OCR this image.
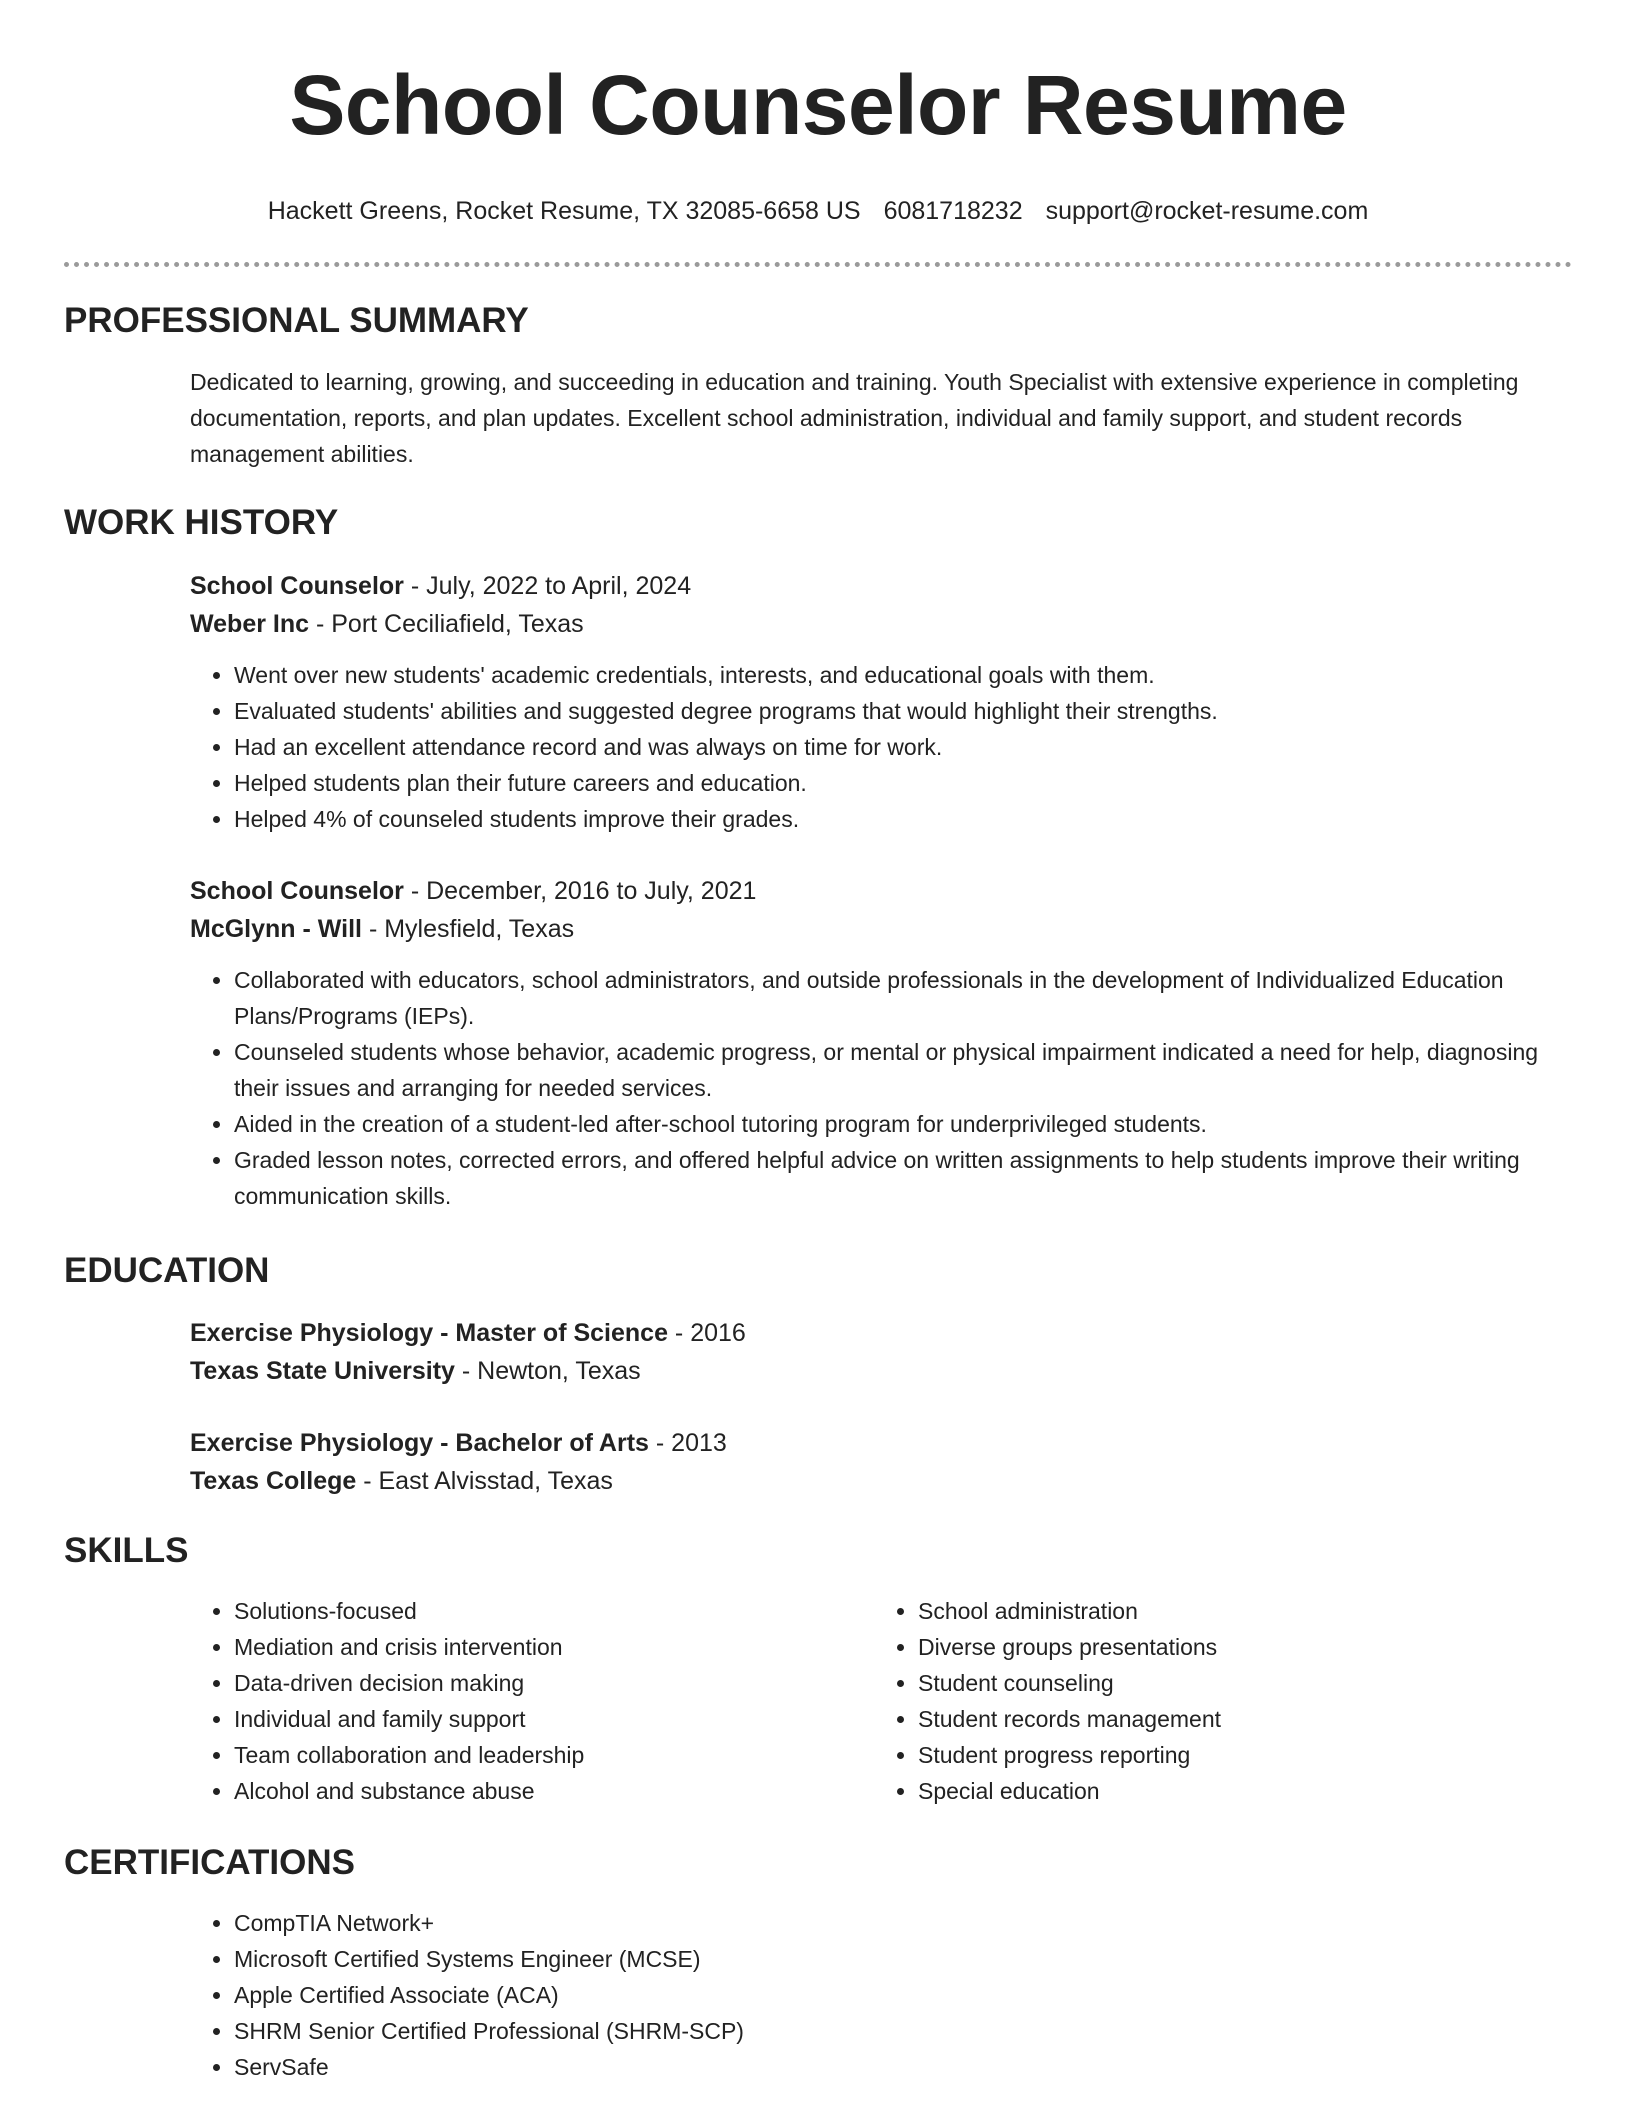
School Counselor Resume
Hackett Greens, Rocket Resume, TX 32085-6658 US 6081718232 support@rocket-resume.com
PROFESSIONAL SUMMARY

Dedicated to learning, growing, and succeeding in education and training. Youth Specialist with extensive experience in completing documentation, reports, and plan updates. Excellent school administration, individual and family support, and student records management abilities.

WORK HISTORY
School Counselor - July, 2022 to April, 2024
Weber Inc - Port Ceciliafield, Texas
• Went over new students' academic credentials, interests, and educational goals with them.
• Evaluated students' abilities and suggested degree programs that would highlight their strengths.
• Had an excellent attendance record and was always on time for work.
• Helped students plan their future careers and education.
• Helped 4% of counseled students improve their grades.
School Counselor - December, 2016 to July, 2021
McGlynn - Will - Mylesfield, Texas
• Collaborated with educators, school administrators, and outside professionals in the development of Individualized Education Plans/Programs (IEPs).
• Counseled students whose behavior, academic progress, or mental or physical impairment indicated a need for help, diagnosing their issues and arranging for needed services.
• Aided in the creation of a student-led after-school tutoring program for underprivileged students.
• Graded lesson notes, corrected errors, and offered helpful advice on written assignments to help students improve their writing communication skills.
EDUCATION
Exercise Physiology - Master of Science - 2016
Texas State University - Newton, Texas
Exercise Physiology - Bachelor of Arts - 2013
Texas College - East Alvisstad, Texas
SKILLS
• Solutions-focused
• Mediation and crisis intervention
• Data-driven decision making
• Individual and family support
• Team collaboration and leadership
• Alcohol and substance abuse
• School administration
• Diverse groups presentations
• Student counseling
• Student records management
• Student progress reporting
• Special education
CERTIFICATIONS
• CompTIA Network+
• Microsoft Certified Systems Engineer (MCSE)
• Apple Certified Associate (ACA)
• SHRM Senior Certified Professional (SHRM-SCP)
• ServSafe
